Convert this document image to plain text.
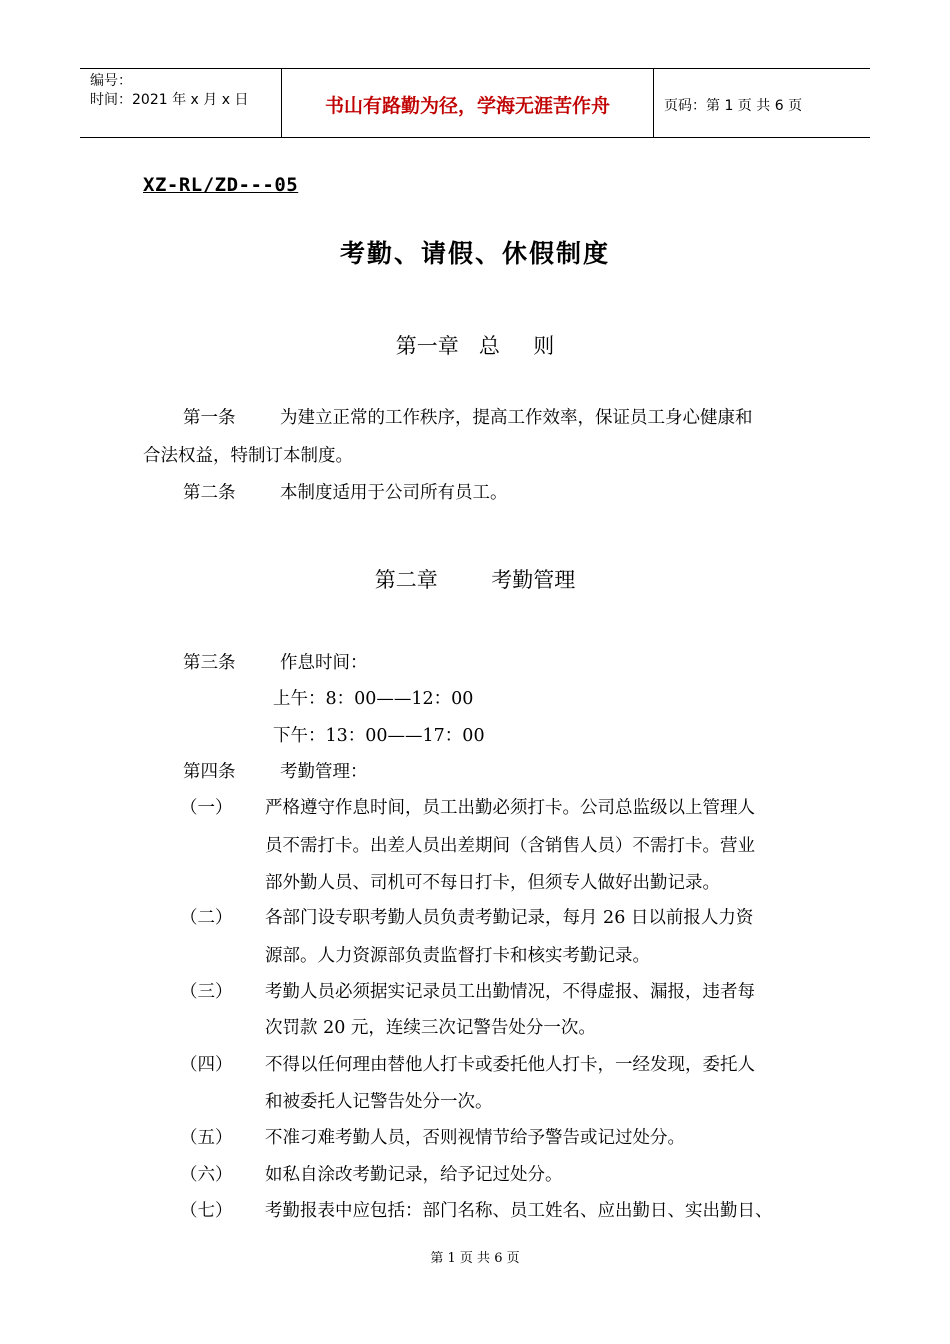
编号：
时间：2021 年 x 月 x 日	书山有路勤为径，学海无涯苦作舟	页码：第 1 页 共 6 页
XZ-RL/ZD---05
考勤、请假、休假制度
第一章   总     则
第一条	为建立正常的工作秩序，提高工作效率，保证员工身心健康和
合法权益，特制订本制度。
第二条	本制度适用于公司所有员工。
第二章        考勤管理
第三条	作息时间：
上午：8：00——12：00
下午：13：00——17：00
第四条	考勤管理：
（一） 严格遵守作息时间，员工出勤必须打卡。公司总监级以上管理人
员不需打卡。出差人员出差期间（含销售人员）不需打卡。营业
部外勤人员、司机可不每日打卡，但须专人做好出勤记录。
（二） 各部门设专职考勤人员负责考勤记录，每月 26 日以前报人力资
源部。人力资源部负责监督打卡和核实考勤记录。
（三） 考勤人员必须据实记录员工出勤情况，不得虚报、漏报，违者每
次罚款 20 元，连续三次记警告处分一次。
（四） 不得以任何理由替他人打卡或委托他人打卡，一经发现，委托人
和被委托人记警告处分一次。
（五） 不准刁难考勤人员，否则视情节给予警告或记过处分。
（六） 如私自涂改考勤记录，给予记过处分。
（七） 考勤报表中应包括：部门名称、员工姓名、应出勤日、实出勤日、
第 1 页 共 6 页
